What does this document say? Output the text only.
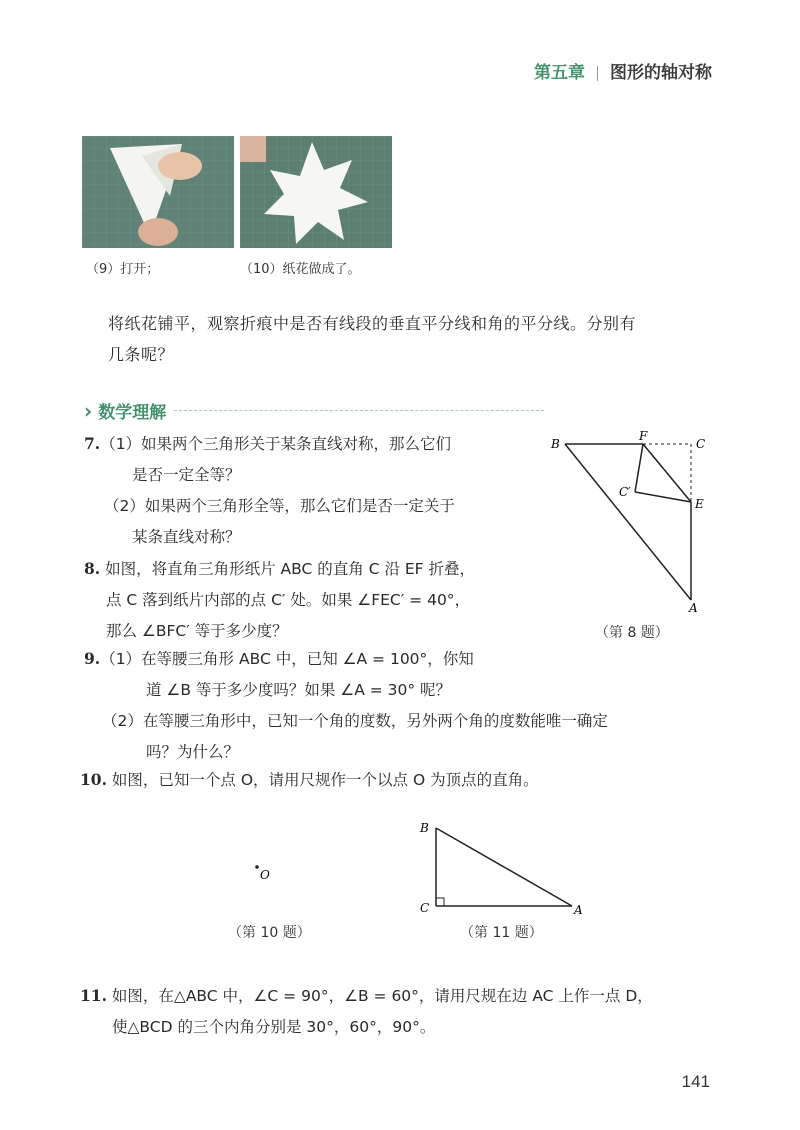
第五章 图形的轴对称
（9）打开；	（10）纸花做成了。
将纸花铺平，观察折痕中是否有线段的垂直平分线和角的平分线。分别有
几条呢？
› 数学理解
7.（1）如果两个三角形关于某条直线对称，那么它们
是否一定全等？
（2）如果两个三角形全等，那么它们是否一定关于
某条直线对称？
8. 如图，将直角三角形纸片 ABC 的直角 C 沿 EF 折叠，
点 C 落到纸片内部的点 C′ 处。如果 ∠FEC′ = 40°，
那么 ∠BFC′ 等于多少度？
B
F
C
C′
E
A
（第 8 题）
9.（1）在等腰三角形 ABC 中，已知 ∠A = 100°，你知
道 ∠B 等于多少度吗？如果 ∠A = 30° 呢？
（2）在等腰三角形中，已知一个角的度数，另外两个角的度数能唯一确定
吗？为什么？
10. 如图，已知一个点 O，请用尺规作一个以点 O 为顶点的直角。
O
（第 10 题）
B
C	A
（第 11 题）
11. 如图，在△ABC 中，∠C = 90°，∠B = 60°，请用尺规在边 AC 上作一点 D，
使△BCD 的三个内角分别是 30°，60°，90°。
141
